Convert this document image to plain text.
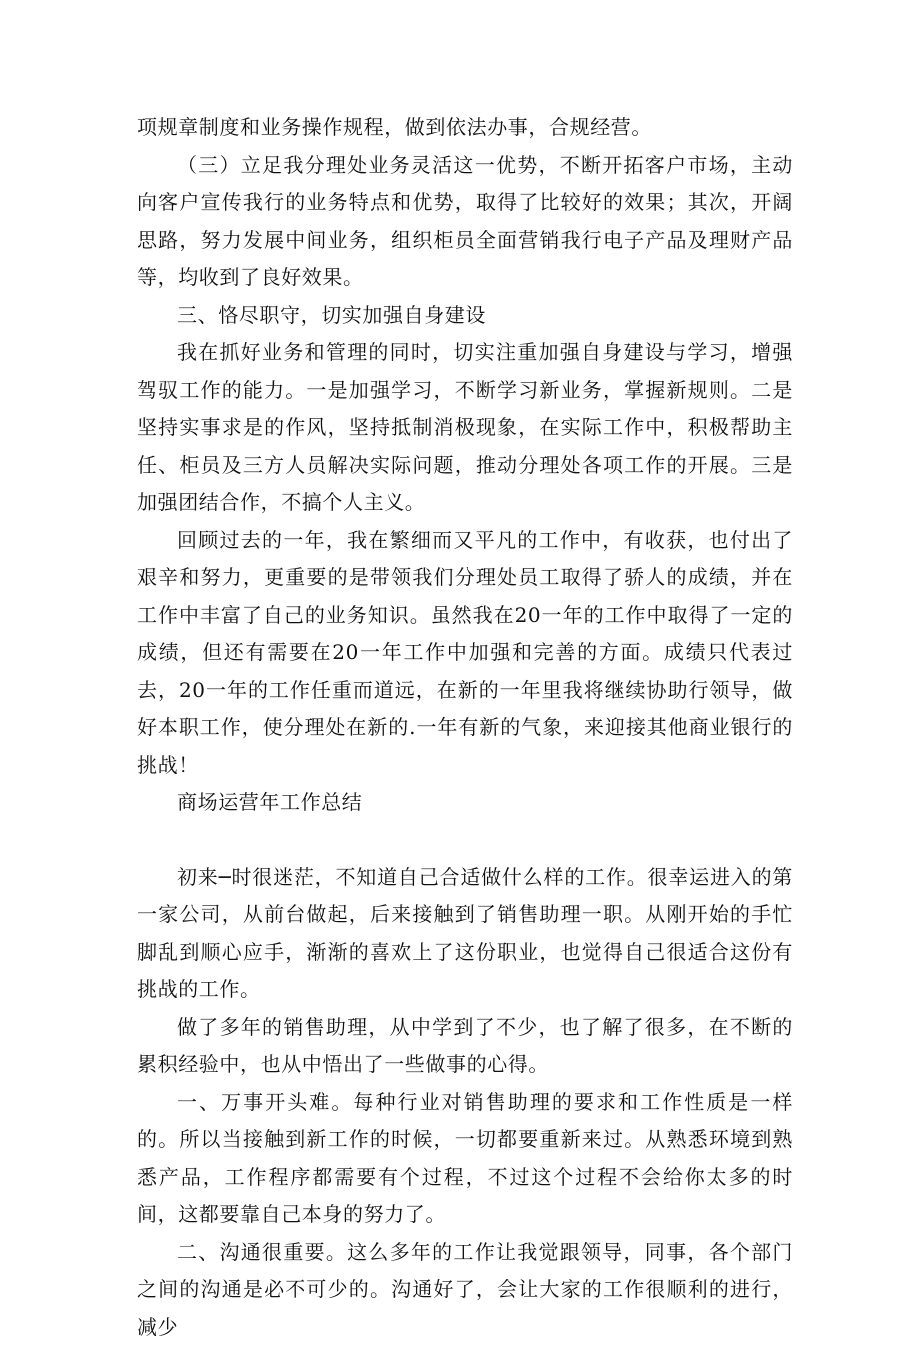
项规章制度和业务操作规程，做到依法办事，合规经营。

（三）立足我分理处业务灵活这一优势，不断开拓客户市场，主动向客户宣传我行的业务特点和优势，取得了比较好的效果；其次，开阔思路，努力发展中间业务，组织柜员全面营销我行电子产品及理财产品等，均收到了良好效果。

三、恪尽职守，切实加强自身建设

我在抓好业务和管理的同时，切实注重加强自身建设与学习，增强驾驭工作的能力。一是加强学习，不断学习新业务，掌握新规则。二是坚持实事求是的作风，坚持抵制消极现象，在实际工作中，积极帮助主任、柜员及三方人员解决实际问题，推动分理处各项工作的开展。三是加强团结合作，不搞个人主义。

回顾过去的一年，我在繁细而又平凡的工作中，有收获，也付出了艰辛和努力，更重要的是带领我们分理处员工取得了骄人的成绩，并在工作中丰富了自己的业务知识。虽然我在20一年的工作中取得了一定的成绩，但还有需要在20一年工作中加强和完善的方面。成绩只代表过去，20一年的工作任重而道远，在新的一年里我将继续协助行领导，做好本职工作，使分理处在新的.一年有新的气象，来迎接其他商业银行的挑战！

商场运营年工作总结

初来─时很迷茫，不知道自己合适做什么样的工作。很幸运进入的第一家公司，从前台做起，后来接触到了销售助理一职。从刚开始的手忙脚乱到顺心应手，渐渐的喜欢上了这份职业，也觉得自己很适合这份有挑战的工作。

做了多年的销售助理，从中学到了不少，也了解了很多，在不断的累积经验中，也从中悟出了一些做事的心得。

一、万事开头难。每种行业对销售助理的要求和工作性质是一样的。所以当接触到新工作的时候，一切都要重新来过。从熟悉环境到熟悉产品，工作程序都需要有个过程，不过这个过程不会给你太多的时间，这都要靠自己本身的努力了。

二、沟通很重要。这么多年的工作让我觉跟领导，同事，各个部门之间的沟通是必不可少的。沟通好了，会让大家的工作很顺利的进行，减少
